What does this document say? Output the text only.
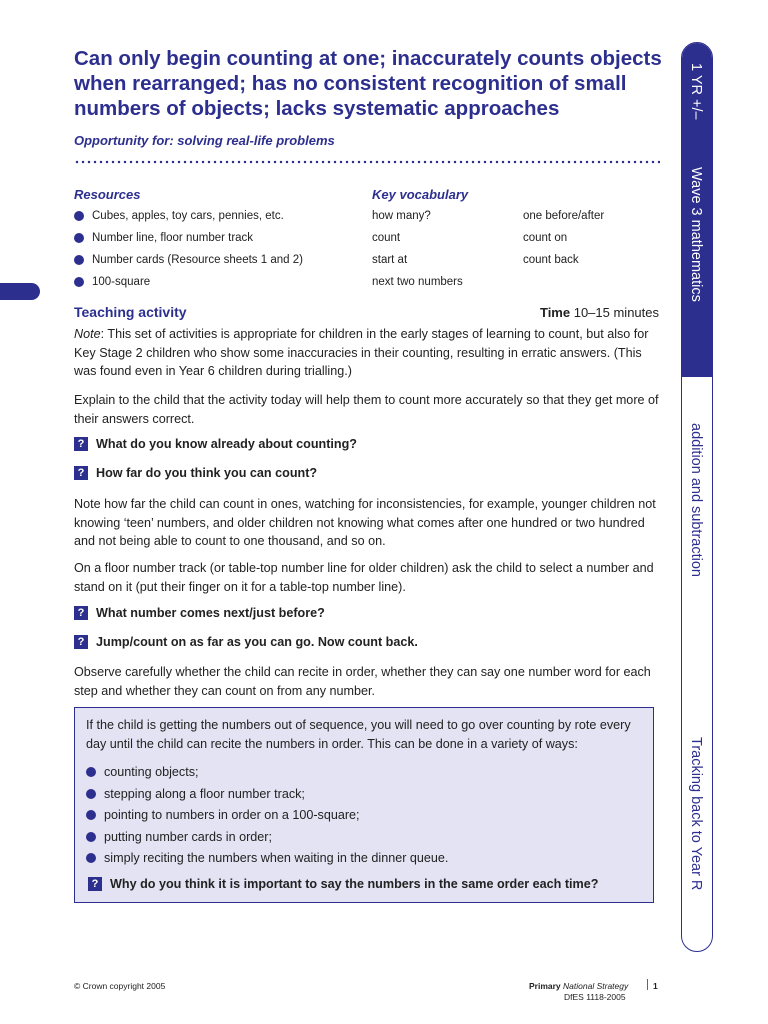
Can only begin counting at one; inaccurately counts objects when rearranged; has no consistent recognition of small numbers of objects; lacks systematic approaches
Opportunity for: solving real-life problems
Resources
Cubes, apples, toy cars, pennies, etc.
Number line, floor number track
Number cards (Resource sheets 1 and 2)
100-square
Key vocabulary
how many?
count
start at
next two numbers
one before/after
count on
count back
Teaching activity	Time 10–15 minutes
Note: This set of activities is appropriate for children in the early stages of learning to count, but also for Key Stage 2 children who show some inaccuracies in their counting, resulting in erratic answers. (This was found even in Year 6 children during trialling.)
Explain to the child that the activity today will help them to count more accurately so that they get more of their answers correct.
? What do you know already about counting?
? How far do you think you can count?
Note how far the child can count in ones, watching for inconsistencies, for example, younger children not knowing ‘teen’ numbers, and older children not knowing what comes after one hundred or two hundred and not being able to count to one thousand, and so on.
On a floor number track (or table-top number line for older children) ask the child to select a number and stand on it (put their finger on it for a table-top number line).
? What number comes next/just before?
? Jump/count on as far as you can go. Now count back.
Observe carefully whether the child can recite in order, whether they can say one number word for each step and whether they can count on from any number.
If the child is getting the numbers out of sequence, you will need to go over counting by rote every day until the child can recite the numbers in order. This can be done in a variety of ways:
counting objects;
stepping along a floor number track;
pointing to numbers in order on a 100-square;
putting number cards in order;
simply reciting the numbers when waiting in the dinner queue.
? Why do you think it is important to say the numbers in the same order each time?
1 YR +/–
Wave 3 mathematics
addition and subtraction
Tracking back to Year R
© Crown copyright 2005	Primary National Strategy
DfES 1118-2005
1
